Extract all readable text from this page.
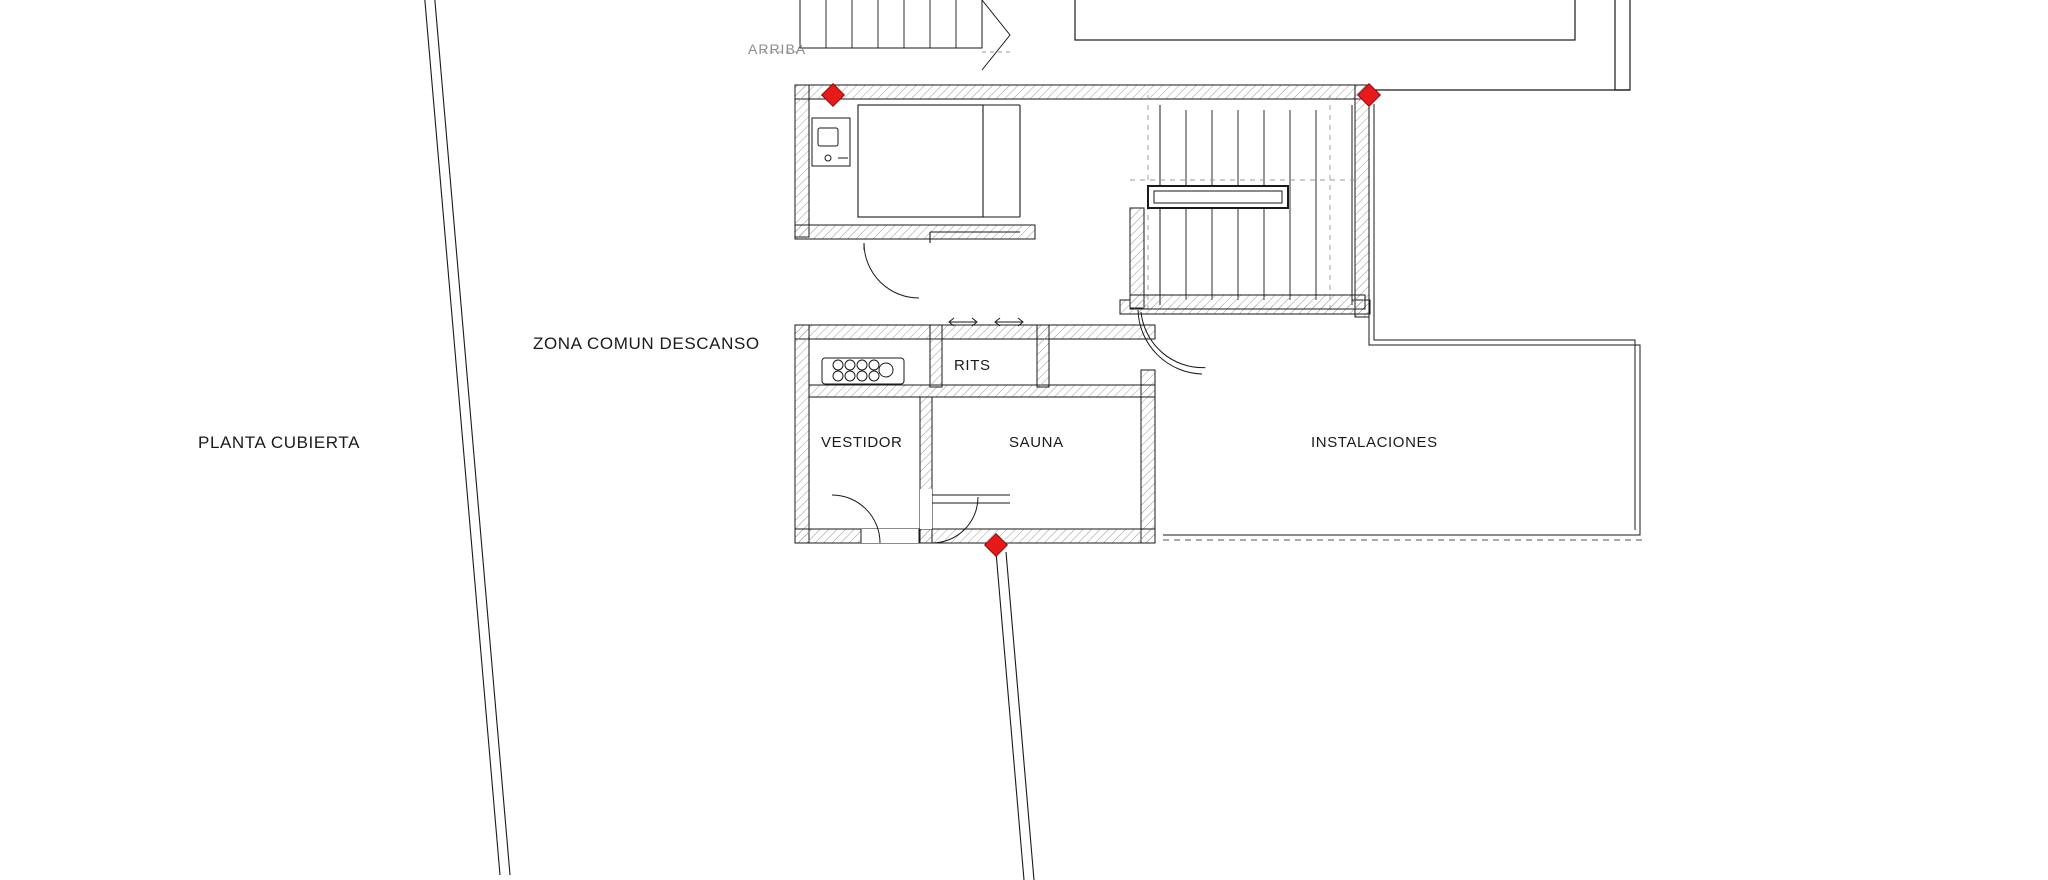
PLANTA CUBIERTA
ZONA COMUN DESCANSO
ARRIBA
RITS
VESTIDOR	SAUNA	INSTALACIONES
